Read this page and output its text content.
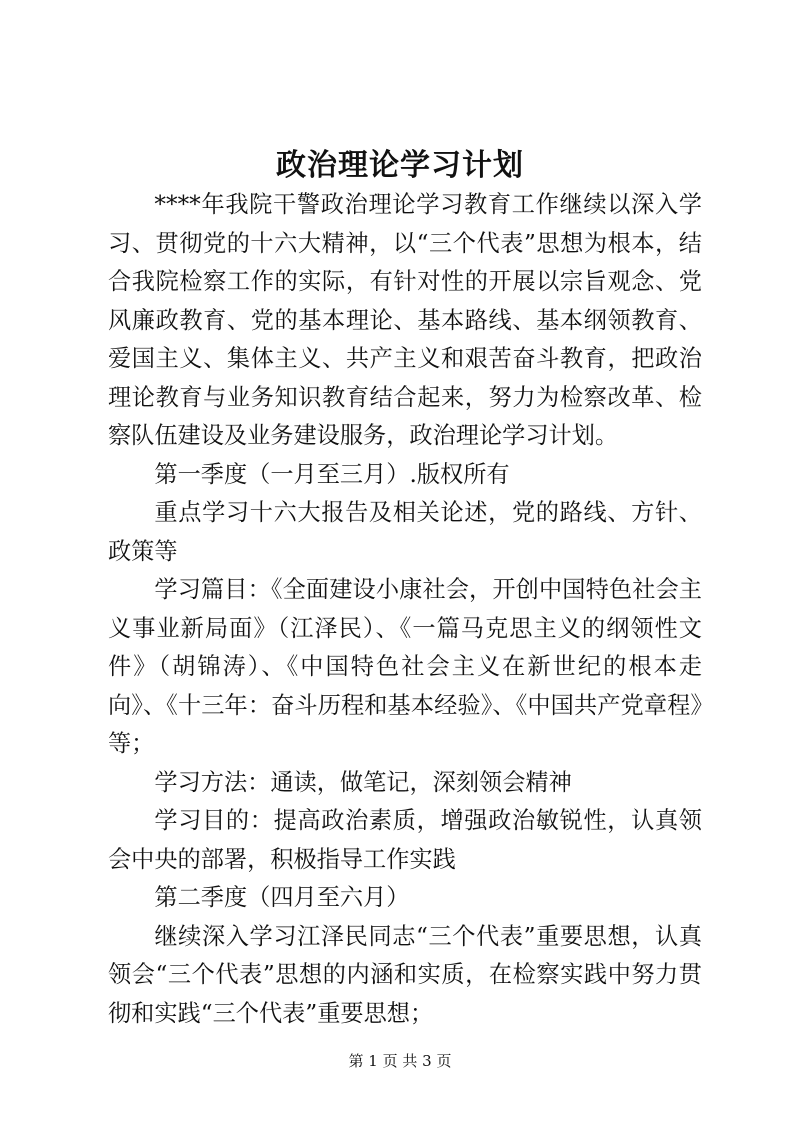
政治理论学习计划

****年我院干警政治理论学习教育工作继续以深入学习、贯彻党的十六大精神，以“三个代表”思想为根本，结合我院检察工作的实际，有针对性的开展以宗旨观念、党风廉政教育、党的基本理论、基本路线、基本纲领教育、爱国主义、集体主义、共产主义和艰苦奋斗教育，把政治理论教育与业务知识教育结合起来，努力为检察改革、检察队伍建设及业务建设服务，政治理论学习计划。

第一季度（一月至三月）.版权所有

重点学习十六大报告及相关论述，党的路线、方针、政策等

学习篇目：《全面建设小康社会，开创中国特色社会主义事业新局面》（江泽民）、《一篇马克思主义的纲领性文件》（胡锦涛）、《中国特色社会主义在新世纪的根本走向》、《十三年：奋斗历程和基本经验》、《中国共产党章程》等；

学习方法：通读，做笔记，深刻领会精神

学习目的：提高政治素质，增强政治敏锐性，认真领会中央的部署，积极指导工作实践

第二季度（四月至六月）

继续深入学习江泽民同志“三个代表”重要思想，认真领会“三个代表”思想的内涵和实质，在检察实践中努力贯彻和实践“三个代表”重要思想；

第 1 页 共 3 页
